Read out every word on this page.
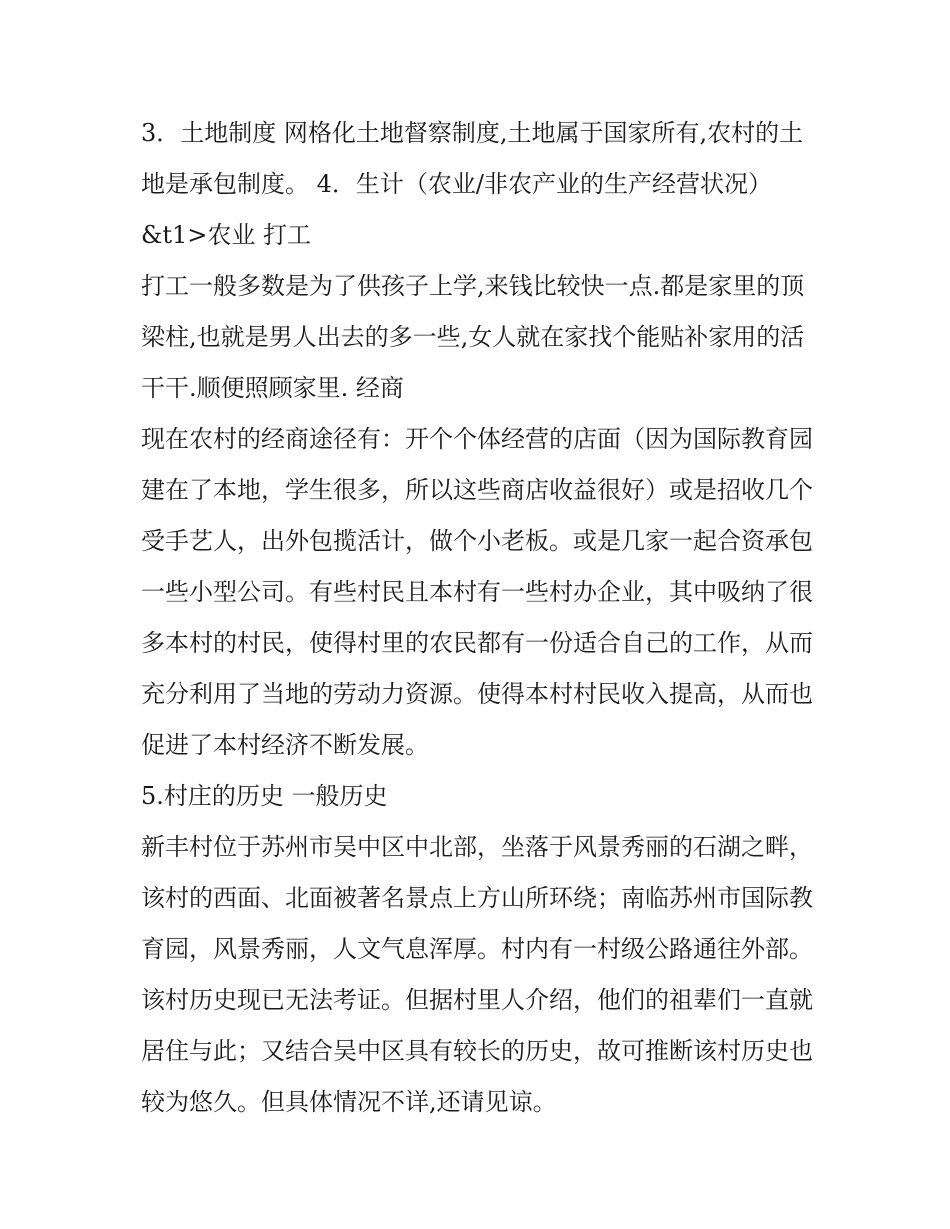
3．土地制度 网格化土地督察制度,土地属于国家所有,农村的土地是承包制度。 4．生计（农业/非农产业的生产经营状况） &t1>农业 打工

打工一般多数是为了供孩子上学,来钱比较快一点.都是家里的顶梁柱,也就是男人出去的多一些,女人就在家找个能贴补家用的活干干.顺便照顾家里. 经商

现在农村的经商途径有：开个个体经营的店面（因为国际教育园建在了本地，学生很多，所以这些商店收益很好）或是招收几个受手艺人，出外包揽活计，做个小老板。或是几家一起合资承包一些小型公司。有些村民且本村有一些村办企业，其中吸纳了很多本村的村民，使得村里的农民都有一份适合自己的工作，从而充分利用了当地的劳动力资源。使得本村村民收入提高，从而也促进了本村经济不断发展。

5.村庄的历史 一般历史

新丰村位于苏州市吴中区中北部，坐落于风景秀丽的石湖之畔，该村的西面、北面被著名景点上方山所环绕；南临苏州市国际教育园，风景秀丽，人文气息浑厚。村内有一村级公路通往外部。该村历史现已无法考证。但据村里人介绍，他们的祖辈们一直就居住与此；又结合吴中区具有较长的历史，故可推断该村历史也较为悠久。但具体情况不详,还请见谅。
